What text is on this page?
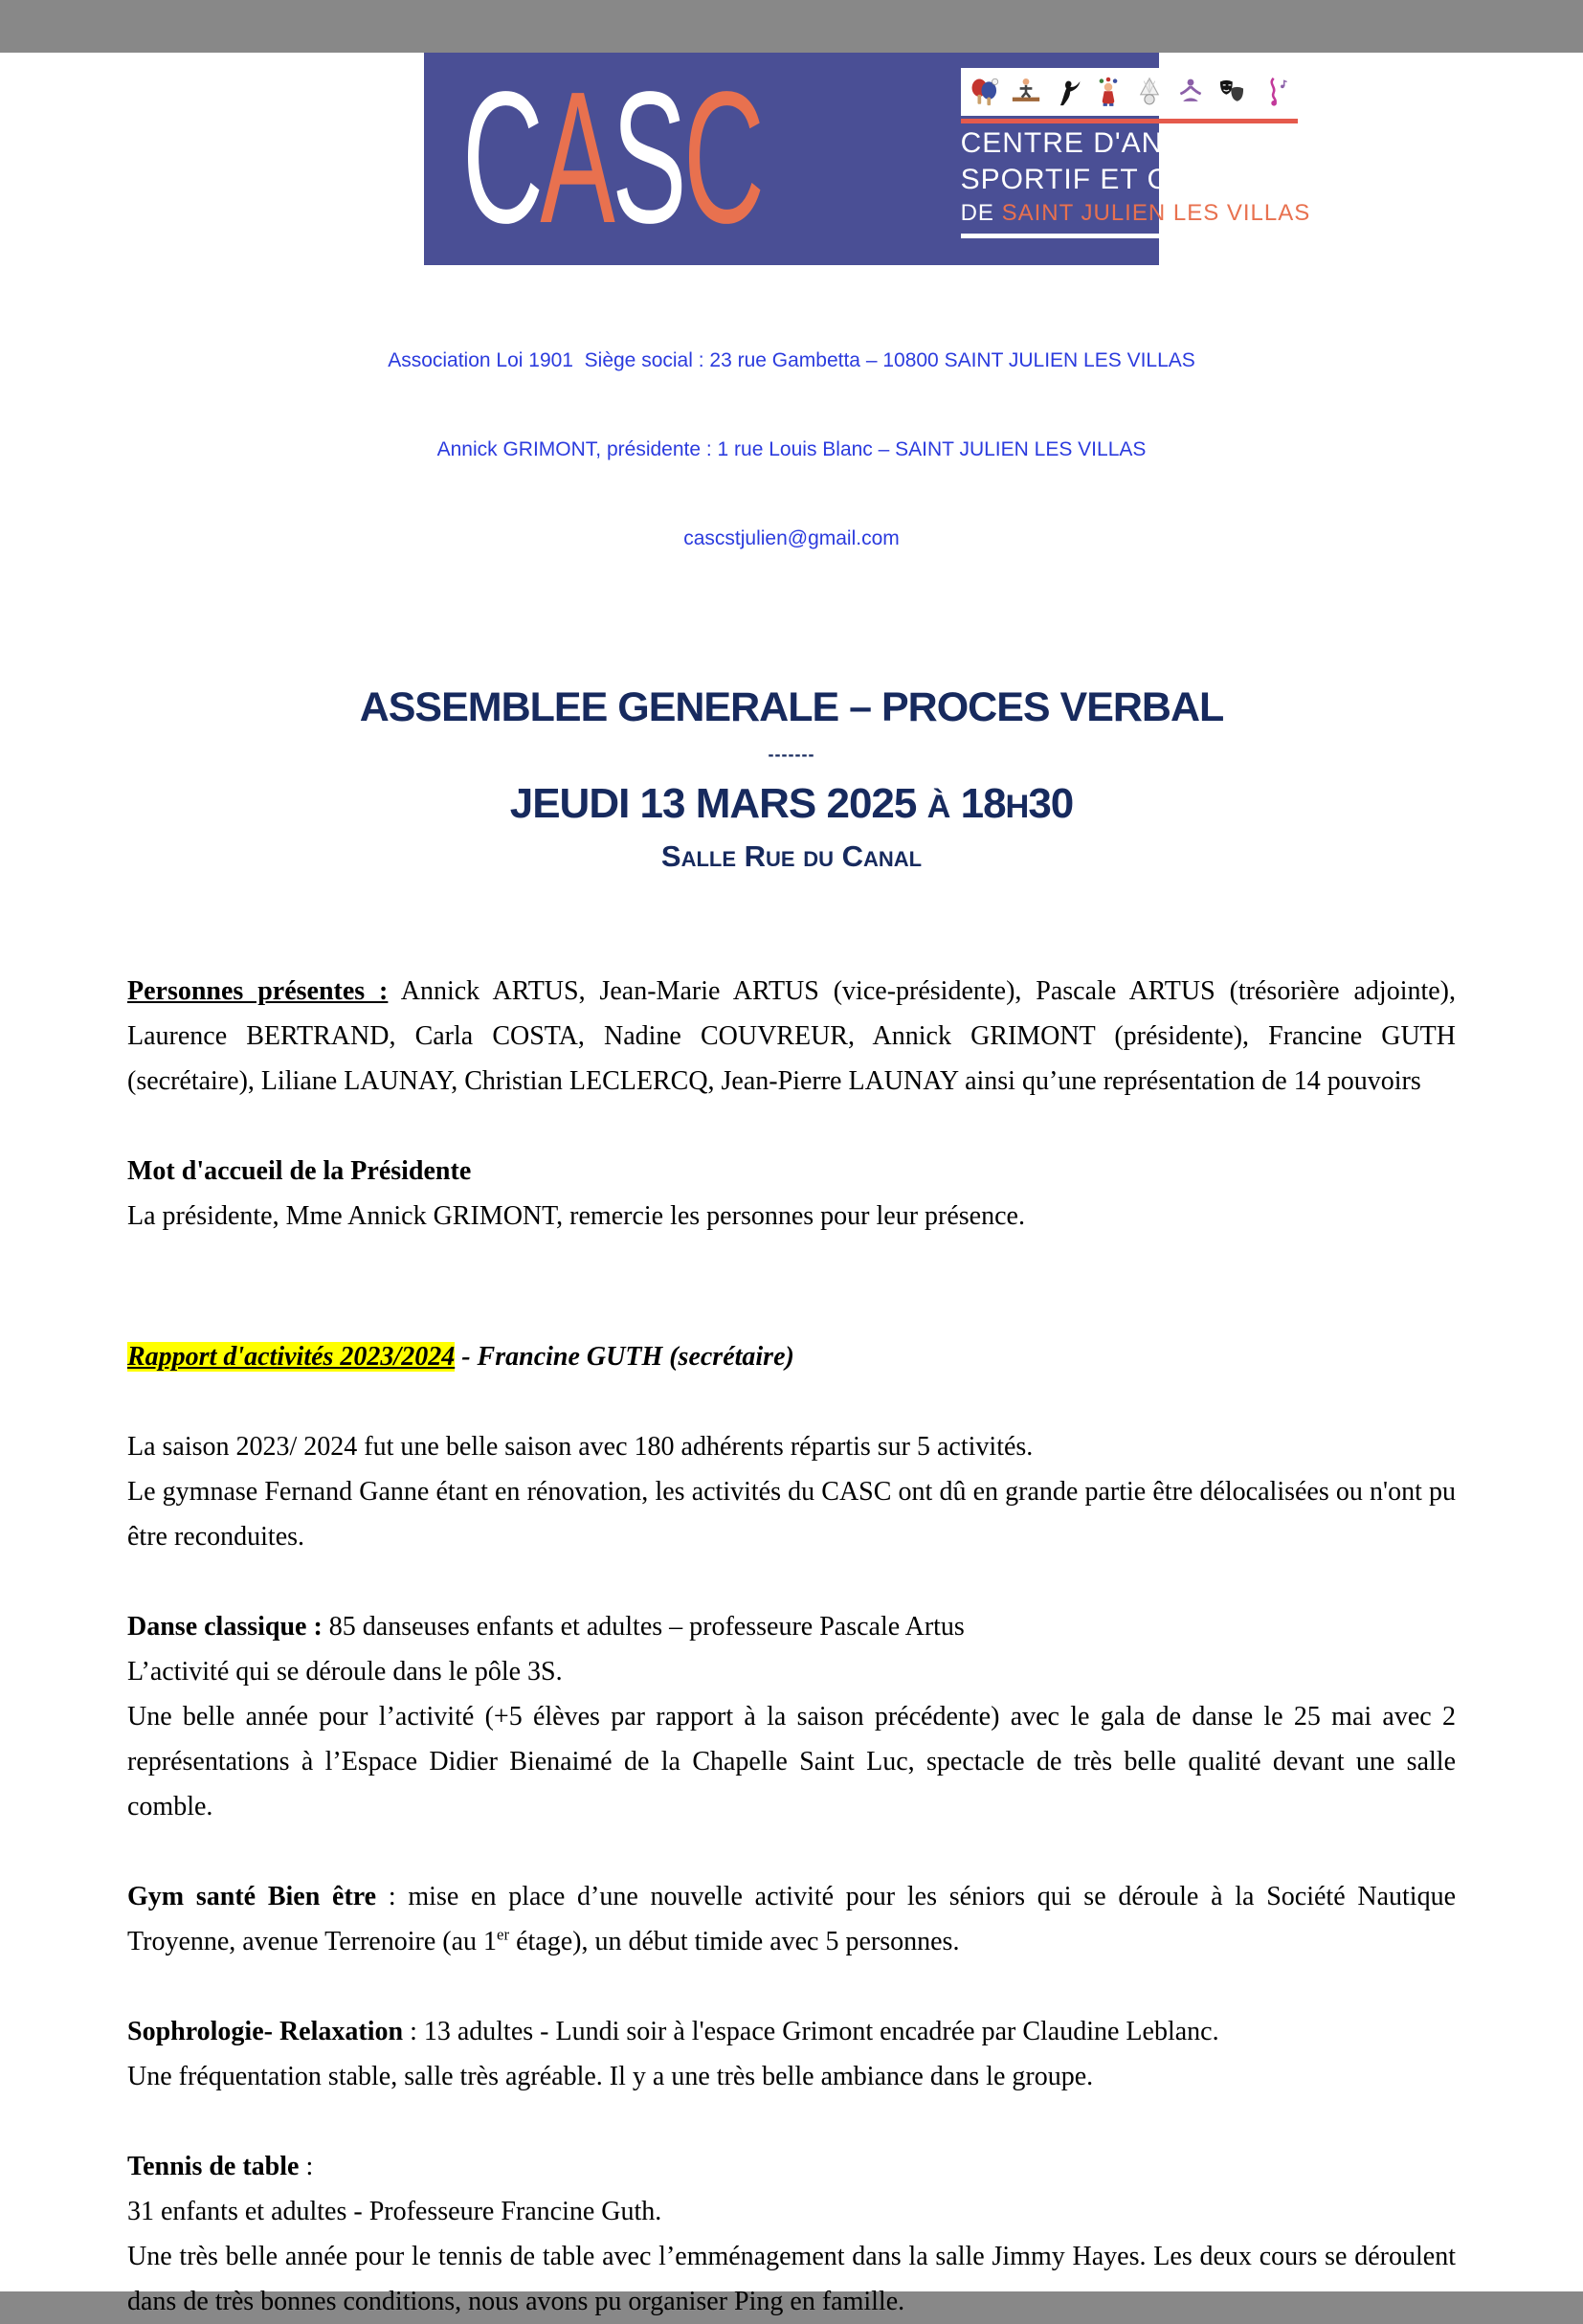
C A S C	CENTRE D'ANIMATION
SPORTIF ET CULTUREL
DE SAINT JULIEN LES VILLAS

Association Loi 1901  Siège social : 23 rue Gambetta – 10800 SAINT JULIEN LES VILLAS

Annick GRIMONT, présidente : 1 rue Louis Blanc – SAINT JULIEN LES VILLAS

cascstjulien@gmail.com

ASSEMBLEE GENERALE – PROCES VERBAL
-------
JEUDI 13 MARS 2025 À 18H30
Salle Rue du Canal

Personnes présentes : Annick ARTUS, Jean-Marie ARTUS (vice-présidente), Pascale ARTUS (trésorière adjointe), Laurence BERTRAND, Carla COSTA, Nadine COUVREUR, Annick GRIMONT (présidente), Francine GUTH (secrétaire), Liliane LAUNAY, Christian LECLERCQ, Jean-Pierre LAUNAY ainsi qu’une représentation de 14 pouvoirs

Mot d'accueil de la Présidente
La présidente, Mme Annick GRIMONT, remercie les personnes pour leur présence.

Rapport d'activités 2023/2024 - Francine GUTH (secrétaire)

La saison 2023/ 2024 fut une belle saison avec 180 adhérents répartis sur 5 activités.
Le gymnase Fernand Ganne étant en rénovation, les activités du CASC ont dû en grande partie être délocalisées ou n'ont pu être reconduites.

Danse classique : 85 danseuses enfants et adultes – professeure Pascale Artus
L’activité qui se déroule dans le pôle 3S.
Une belle année pour l’activité (+5 élèves par rapport à la saison précédente) avec le gala de danse le 25 mai avec 2 représentations à l’Espace Didier Bienaimé de la Chapelle Saint Luc, spectacle de très belle qualité devant une salle comble.

Gym santé Bien être : mise en place d’une nouvelle activité pour les séniors qui se déroule à la Société Nautique Troyenne, avenue Terrenoire (au 1er étage), un début timide avec 5 personnes.

Sophrologie- Relaxation : 13 adultes - Lundi soir à l'espace Grimont encadrée par Claudine Leblanc.
Une fréquentation stable, salle très agréable. Il y a une très belle ambiance dans le groupe.

Tennis de table :
31 enfants et adultes - Professeure Francine Guth.
Une très belle année pour le tennis de table avec l’emménagement dans la salle Jimmy Hayes. Les deux cours se déroulent dans de très bonnes conditions, nous avons pu organiser Ping en famille.
